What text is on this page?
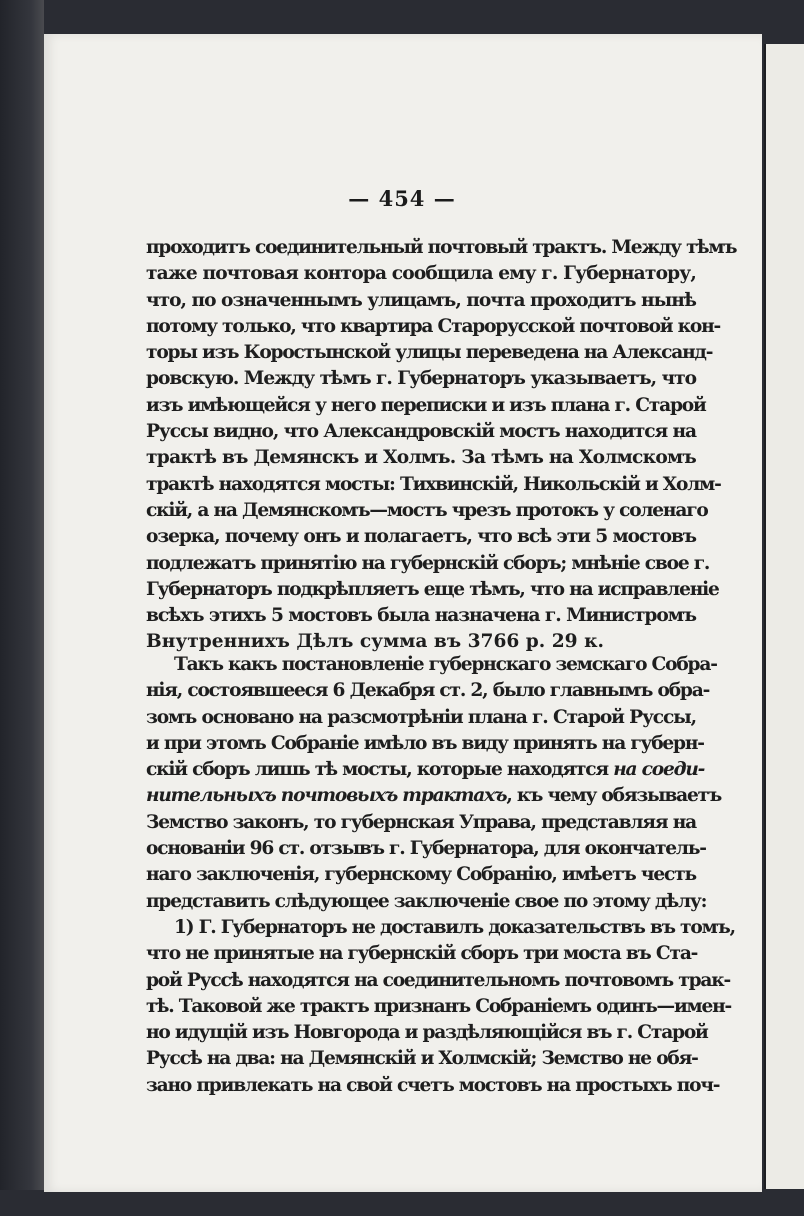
— 454 —
проходитъ соединительный почтовый трактъ. Между тѣмъ
таже почтовая контора сообщила ему г. Губернатору,
что, по означеннымъ улицамъ, почта проходитъ нынѣ
потому только, что квартира Старорусской почтовой кон-
торы изъ Коростынской улицы переведена на Александ-
ровскую. Между тѣмъ г. Губернаторъ указываетъ, что
изъ имѣющейся у него переписки и изъ плана г. Старой
Руссы видно, что Александровскій мостъ находится на
трактѣ въ Демянскъ и Холмъ. За тѣмъ на Холмскомъ
трактѣ находятся мосты: Тихвинскій, Никольскій и Холм-
скій, а на Демянскомъ—мостъ чрезъ протокъ у соленаго
озерка, почему онъ и полагаетъ, что всѣ эти 5 мостовъ
подлежатъ принятію на губернскій сборъ; мнѣніе свое г.
Губернаторъ подкрѣпляетъ еще тѣмъ, что на исправленіе
всѣхъ этихъ 5 мостовъ была назначена г. Министромъ
Внутреннихъ Дѣлъ сумма въ 3766 р. 29 к.
Такъ какъ постановленіе губернскаго земскаго Собра-
нія, состоявшееся 6 Декабря ст. 2, было главнымъ обра-
зомъ основано на разсмотрѣніи плана г. Старой Руссы,
и при этомъ Собраніе имѣло въ виду принять на губерн-
скій сборъ лишь тѣ мосты, которые находятся на соеди-
нительныхъ почтовыхъ трактахъ, къ чему обязываетъ
Земство законъ, то губернская Управа, представляя на
основаніи 96 ст. отзывъ г. Губернатора, для окончатель-
наго заключенія, губернскому Собранію, имѣетъ честь
представить слѣдующее заключеніе свое по этому дѣлу:
1) Г. Губернаторъ не доставилъ доказательствъ въ томъ,
что не принятые на губернскій сборъ три моста въ Ста-
рой Руссѣ находятся на соединительномъ почтовомъ трак-
тѣ. Таковой же трактъ признанъ Собраніемъ одинъ—имен-
но идущій изъ Новгорода и раздѣляющійся въ г. Старой
Руссѣ на два: на Демянскій и Холмскій; Земство не обя-
зано привлекать на свой счетъ мостовъ на простыхъ поч-
